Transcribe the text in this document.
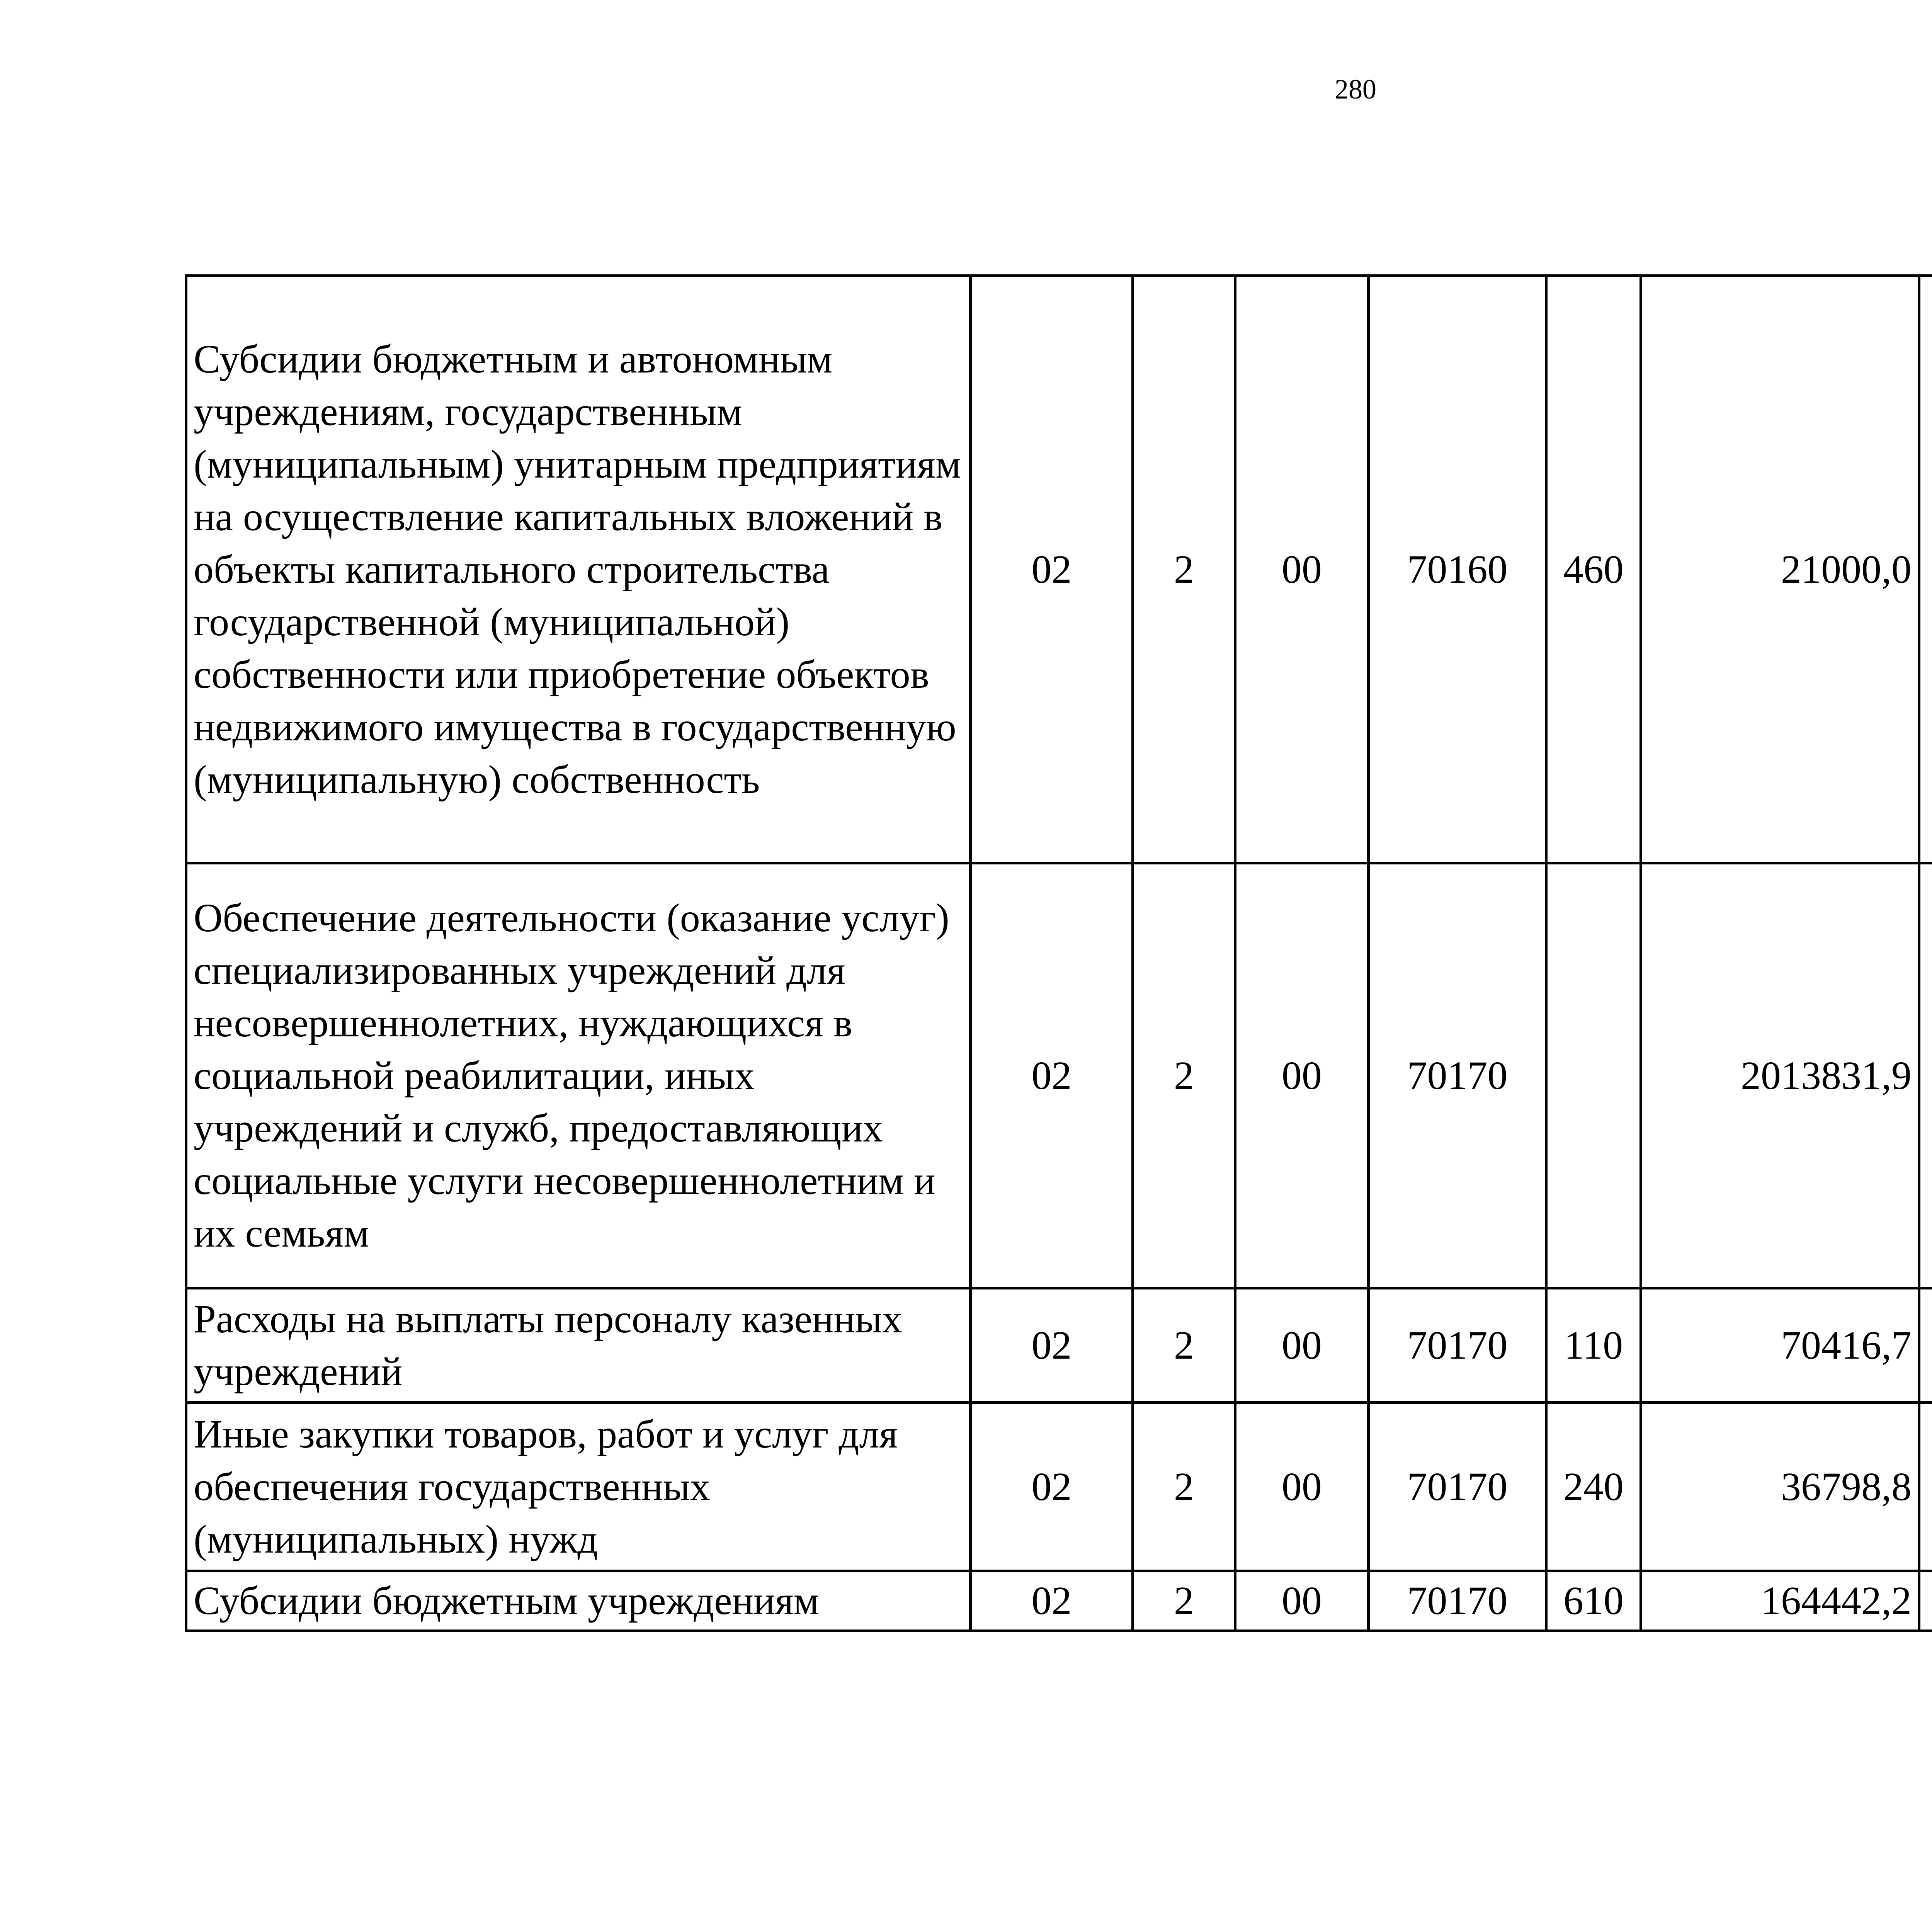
280
Субсидии бюджетным и автономным учреждениям, государственным (муниципальным) унитарным предприятиям на осуществление капитальных вложений в объекты капитального строительства государственной (муниципальной) собственности или приобретение объектов недвижимого имущества в государственную (муниципальную) собственность	02	2	00	70160	460	21000,0		
Обеспечение деятельности (оказание услуг) специализированных учреждений для несовершеннолетних, нуждающихся в социальной реабилитации, иных учреждений и служб, предоставляющих социальные услуги несовершеннолетним и их семьям	02	2	00	70170		2013831,9		
Расходы на выплаты персоналу казенных учреждений	02	2	00	70170	110	70416,7		
Иные закупки товаров, работ и услуг для обеспечения государственных (муниципальных) нужд	02	2	00	70170	240	36798,8		
Субсидии бюджетным учреждениям	02	2	00	70170	610	164442,2		
